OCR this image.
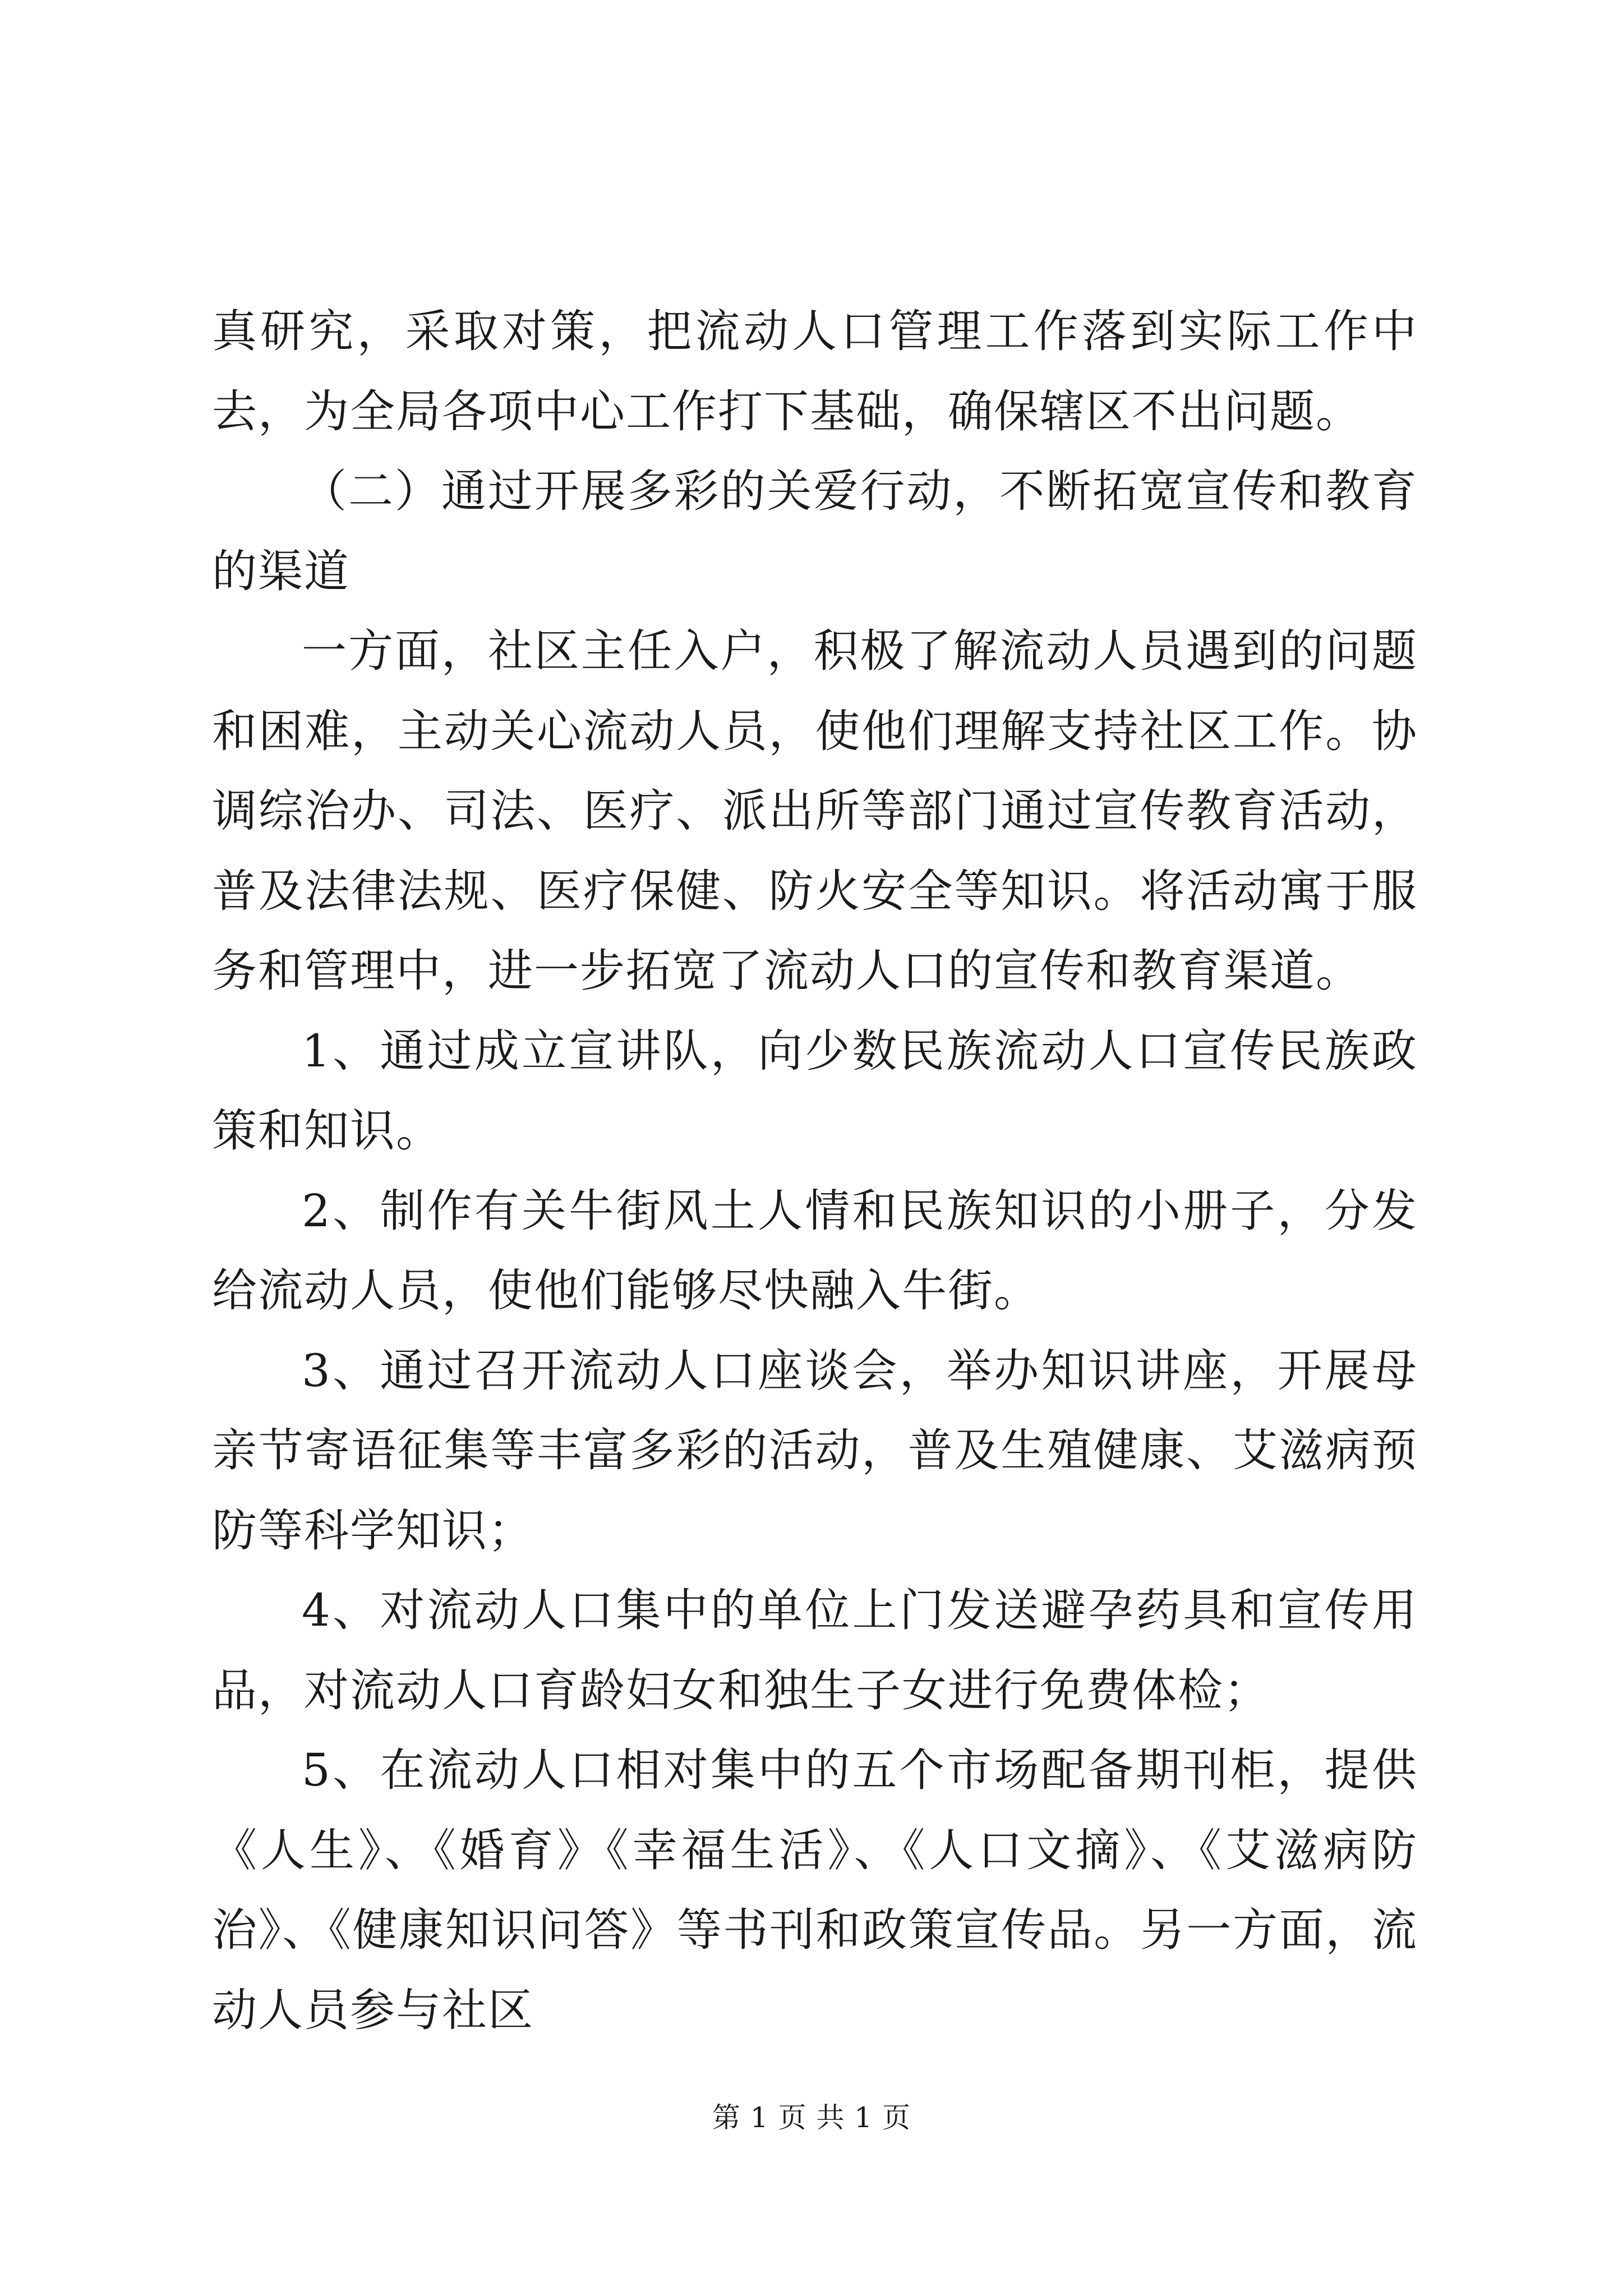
真研究，采取对策，把流动人口管理工作落到实际工作中去，为全局各项中心工作打下基础，确保辖区不出问题。

（二）通过开展多彩的关爱行动，不断拓宽宣传和教育的渠道

一方面，社区主任入户，积极了解流动人员遇到的问题和困难，主动关心流动人员，使他们理解支持社区工作。协调综治办、司法、医疗、派出所等部门通过宣传教育活动，普及法律法规、医疗保健、防火安全等知识。将活动寓于服务和管理中，进一步拓宽了流动人口的宣传和教育渠道。

1、通过成立宣讲队，向少数民族流动人口宣传民族政策和知识。

2、制作有关牛街风土人情和民族知识的小册子，分发给流动人员，使他们能够尽快融入牛街。

3、通过召开流动人口座谈会，举办知识讲座，开展母亲节寄语征集等丰富多彩的活动，普及生殖健康、艾滋病预防等科学知识；

4、对流动人口集中的单位上门发送避孕药具和宣传用品，对流动人口育龄妇女和独生子女进行免费体检；

5、在流动人口相对集中的五个市场配备期刊柜，提供《人生》、《婚育》《幸福生活》、《人口文摘》、《艾滋病防治》、《健康知识问答》等书刊和政策宣传品。另一方面，流动人员参与社区

第 1 页 共 1 页
